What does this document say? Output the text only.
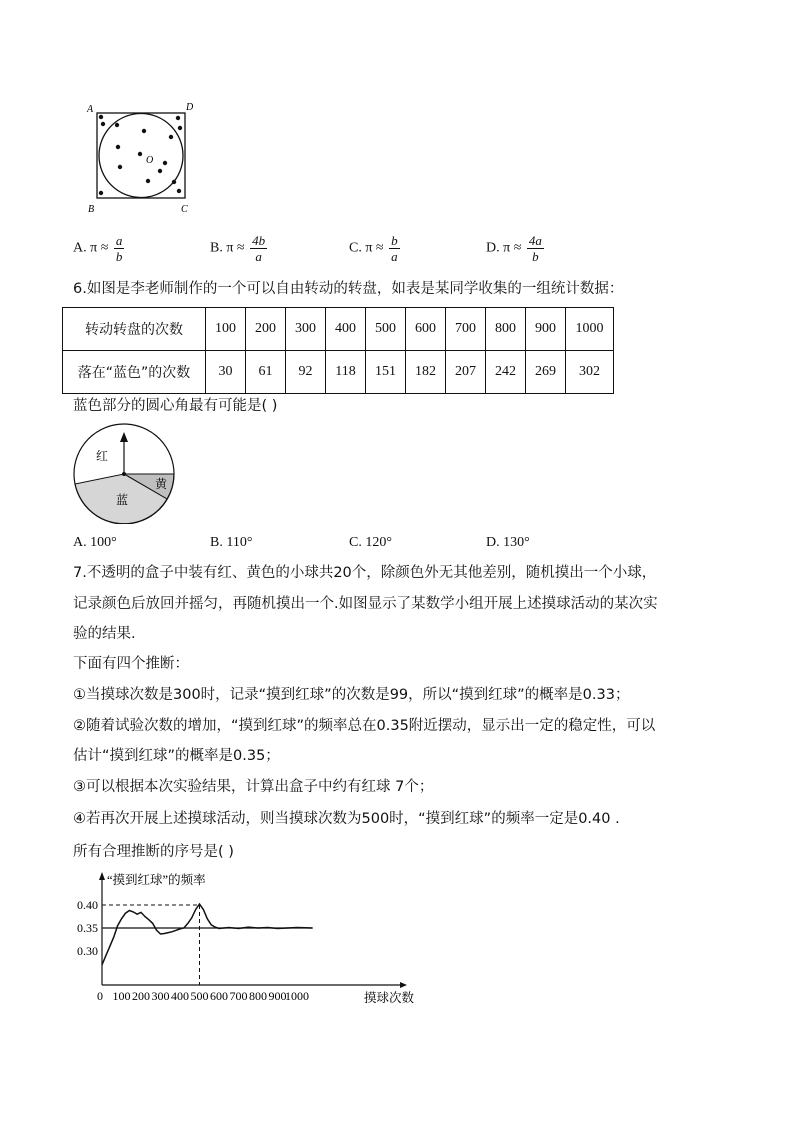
A	D
B	C
O
A. $\pi \approx \frac{a}{b}$	B. $\pi \approx \frac{4b}{a}$	C. $\pi \approx \frac{b}{a}$	D. $\pi \approx \frac{4a}{b}$
6.如图是李老师制作的一个可以自由转动的转盘，如表是某同学收集的一组统计数据：
转动转盘的次数	100	200	300	400	500	600	700	800	900	1000
落在“蓝色”的次数	30	61	92	118	151	182	207	242	269	302
蓝色部分的圆心角最有可能是( )
红
蓝
黄
A. 100°	B. 110°	C. 120°	D. 130°
7.不透明的盒子中装有红、黄色的小球共20个，除颜色外无其他差别，随机摸出一个小球，
记录颜色后放回并摇匀，再随机摸出一个.如图显示了某数学小组开展上述摸球活动的某次实
验的结果.
下面有四个推断：
①当摸球次数是300时，记录“摸到红球”的次数是99，所以“摸到红球”的概率是0.33；
②随着试验次数的增加，“摸到红球”的频率总在0.35附近摆动，显示出一定的稳定性，可以
估计“摸到红球”的概率是0.35；
③可以根据本次实验结果，计算出盒子中约有红球 7个；
④若再次开展上述摸球活动，则当摸球次数为500时，“摸到红球”的频率一定是0.40 .
所有合理推断的序号是( )
0.40
0.35
0.30
0 100 200 300 400 500 600 700 800 900
1000
“摸到红球”的频率
摸球次数
